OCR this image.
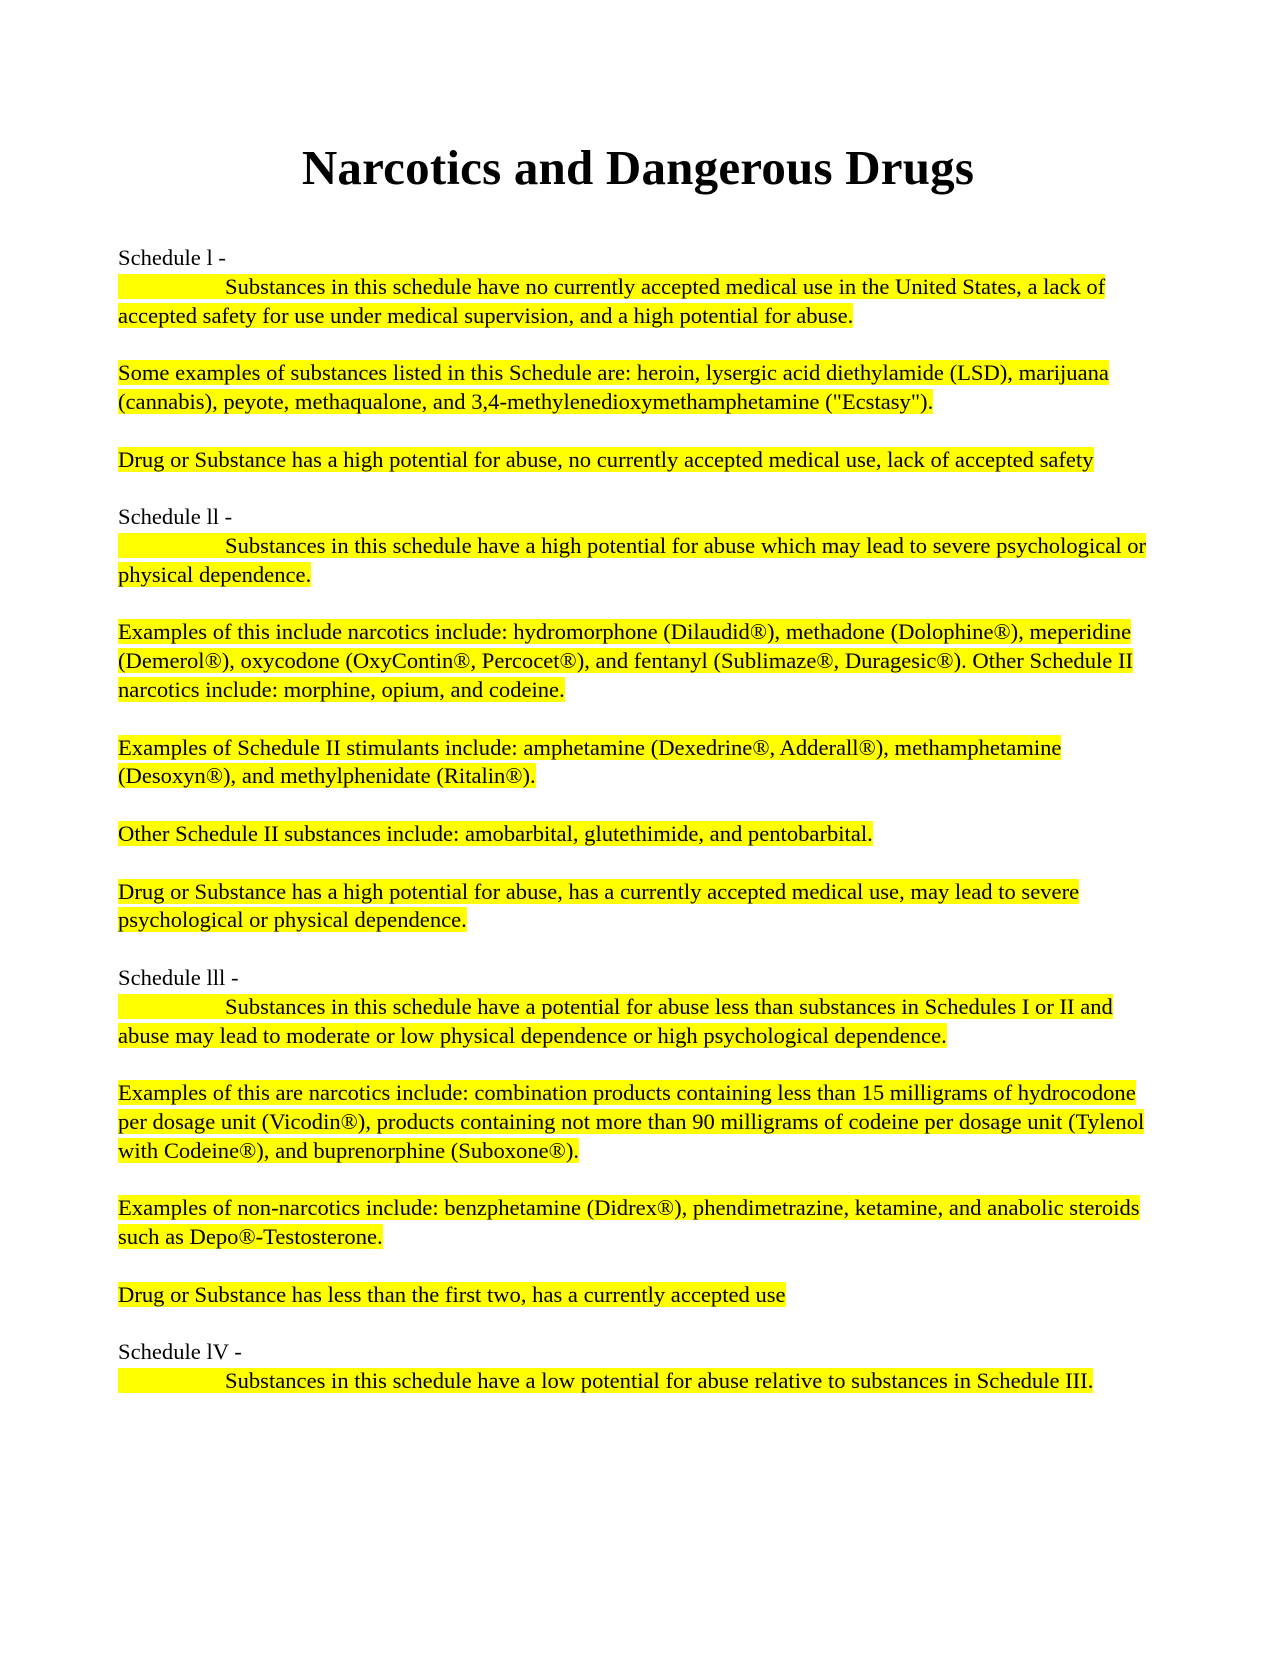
Narcotics and Dangerous Drugs

Schedule l -

Substances in this schedule have no currently accepted medical use in the United States, a lack of accepted safety for use under medical supervision, and a high potential for abuse.

Some examples of substances listed in this Schedule are: heroin, lysergic acid diethylamide (LSD), marijuana (cannabis), peyote, methaqualone, and 3,4-methylenedioxymethamphetamine ("Ecstasy").

Drug or Substance has a high potential for abuse, no currently accepted medical use, lack of accepted safety

Schedule ll -

Substances in this schedule have a high potential for abuse which may lead to severe psychological or physical dependence.

Examples of this include narcotics include: hydromorphone (Dilaudid®), methadone (Dolophine®), meperidine (Demerol®), oxycodone (OxyContin®, Percocet®), and fentanyl (Sublimaze®, Duragesic®). Other Schedule II narcotics include: morphine, opium, and codeine.

Examples of Schedule II stimulants include: amphetamine (Dexedrine®, Adderall®), methamphetamine (Desoxyn®), and methylphenidate (Ritalin®).

Other Schedule II substances include: amobarbital, glutethimide, and pentobarbital.

Drug or Substance has a high potential for abuse, has a currently accepted medical use, may lead to severe psychological or physical dependence.

Schedule lll -

Substances in this schedule have a potential for abuse less than substances in Schedules I or II and abuse may lead to moderate or low physical dependence or high psychological dependence.

Examples of this are narcotics include: combination products containing less than 15 milligrams of hydrocodone per dosage unit (Vicodin®), products containing not more than 90 milligrams of codeine per dosage unit (Tylenol with Codeine®), and buprenorphine (Suboxone®).

Examples of non-narcotics include: benzphetamine (Didrex®), phendimetrazine, ketamine, and anabolic steroids such as Depo®-Testosterone.

Drug or Substance has less than the first two, has a currently accepted use

Schedule lV -

Substances in this schedule have a low potential for abuse relative to substances in Schedule III.
